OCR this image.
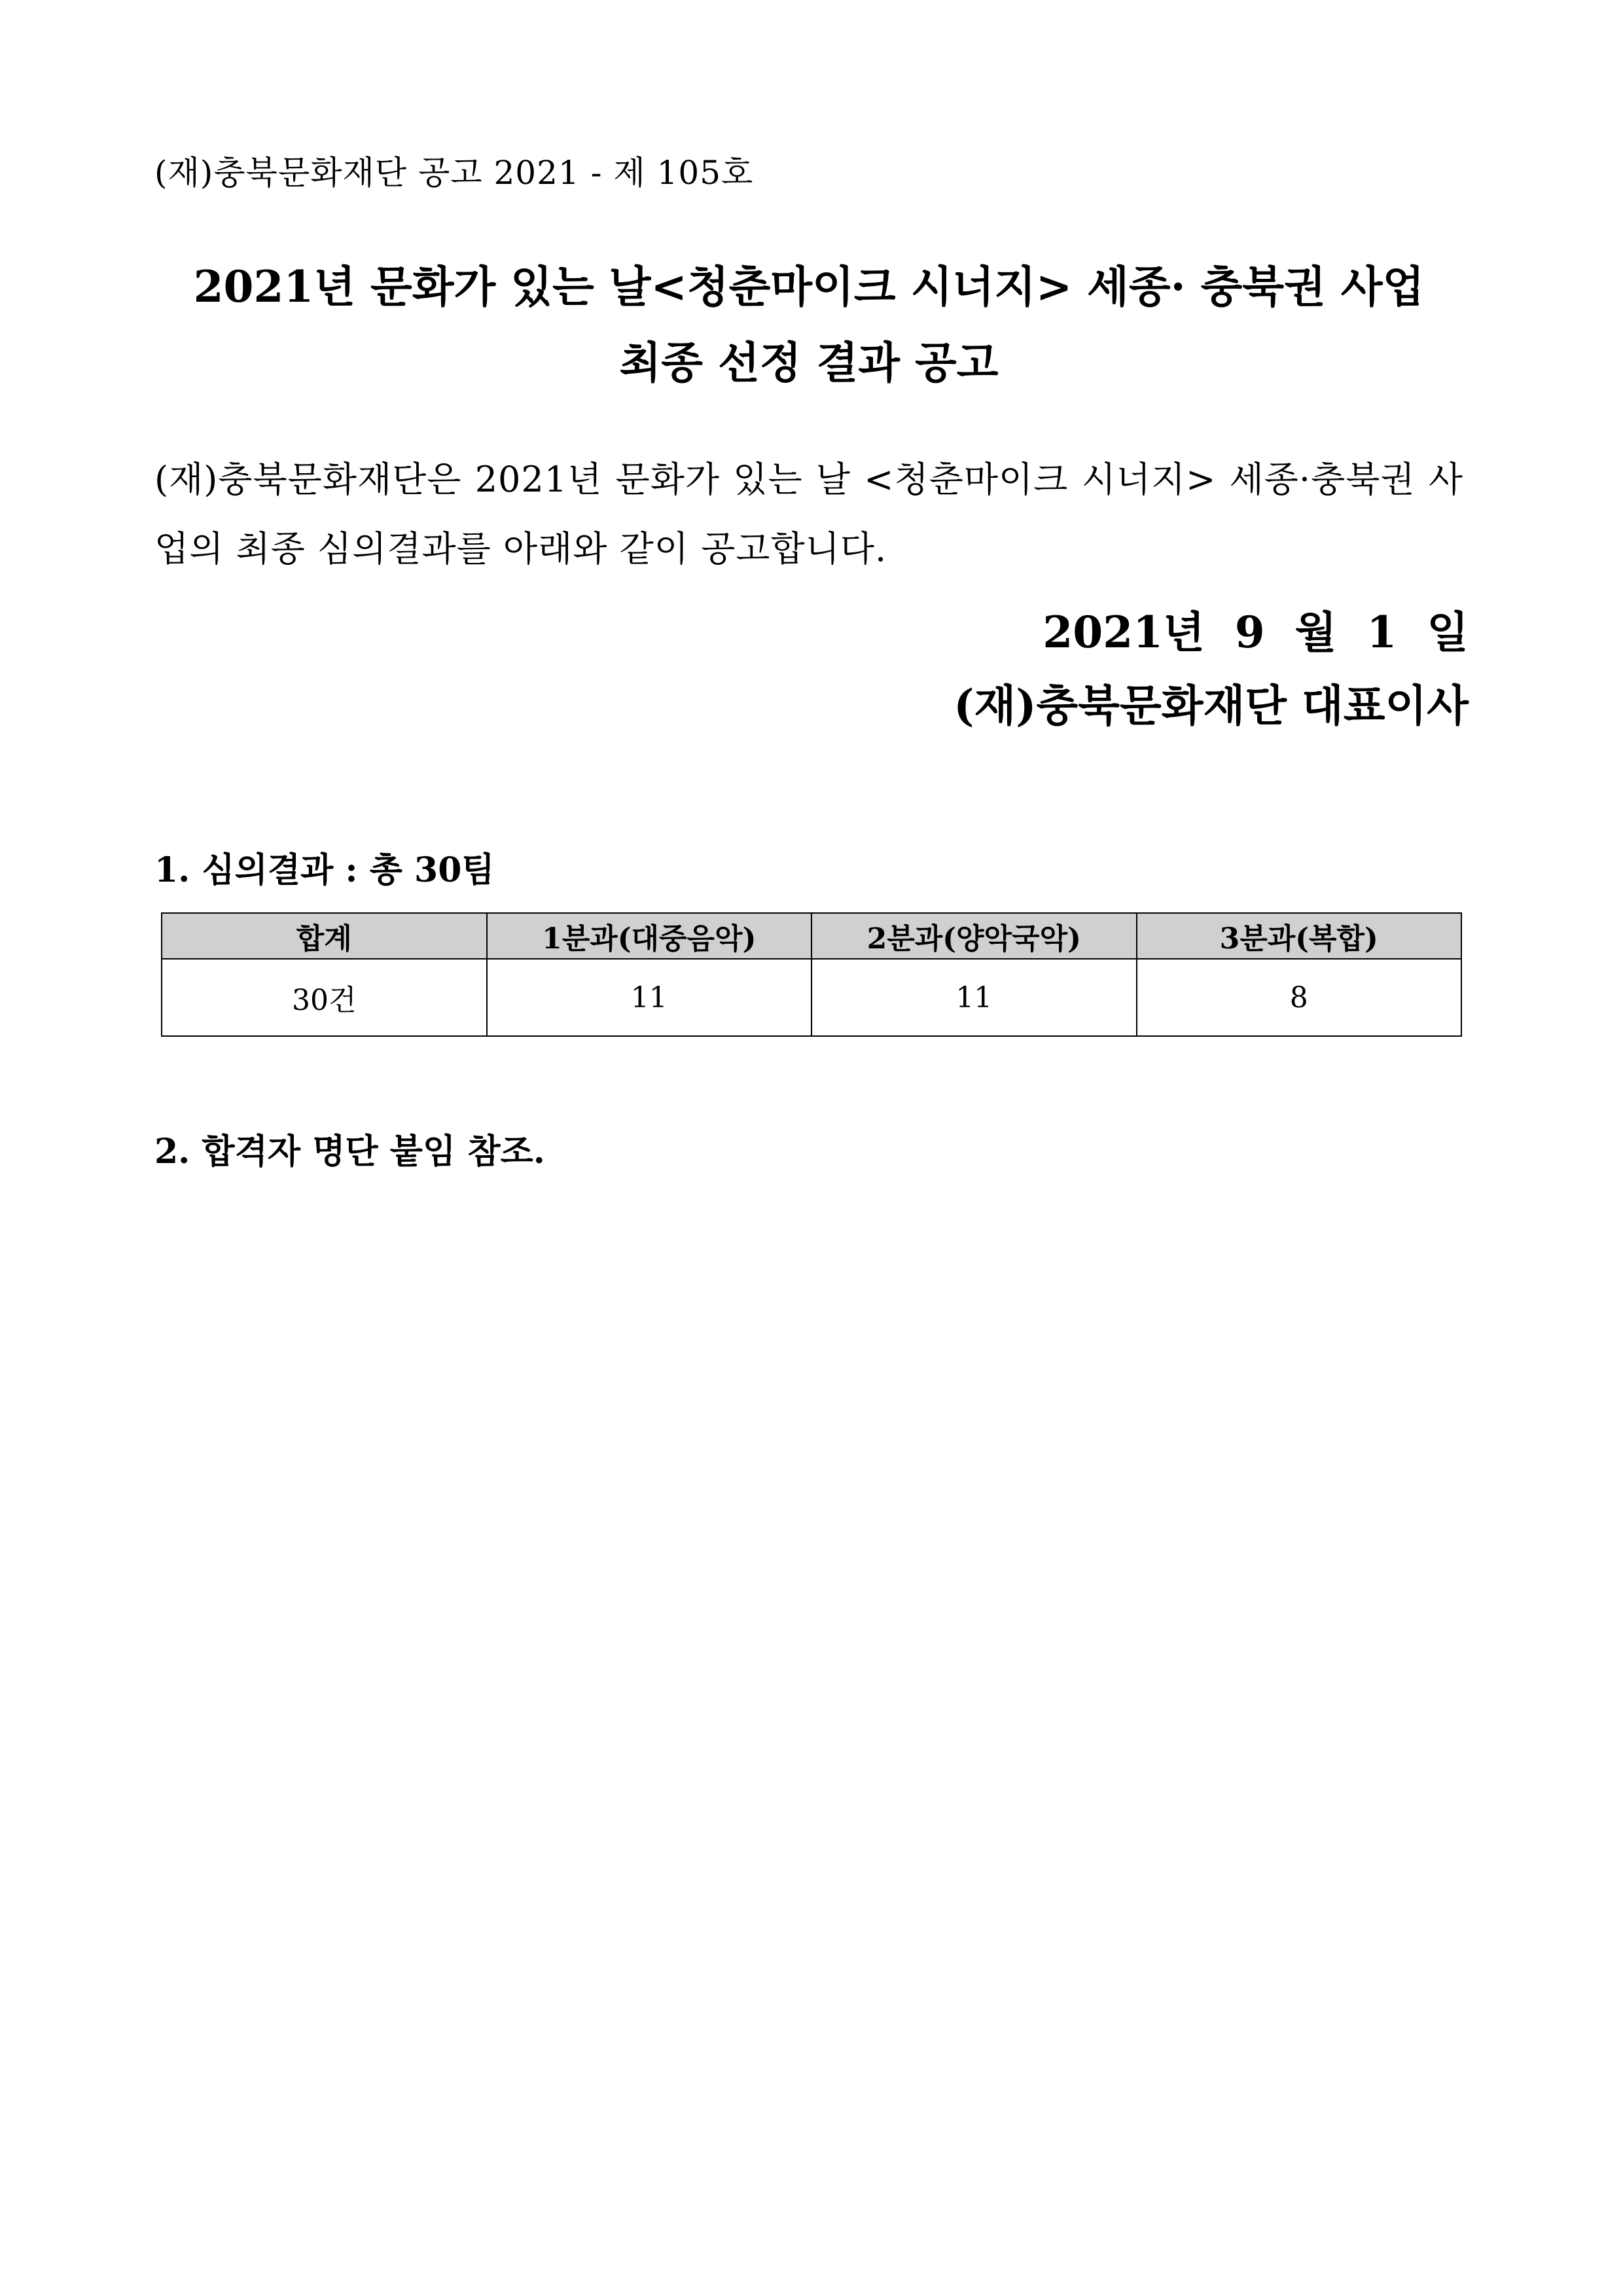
(재)충북문화재단 공고 2021 - 제 105호
2021년 문화가 있는 날<청춘마이크 시너지> 세종· 충북권 사업
최종 선정 결과 공고
(재)충북문화재단은 2021년 문화가 있는 날 <청춘마이크 시너지> 세종·충북권 사업의 최종 심의결과를 아래와 같이 공고합니다.
2021년  9  월  1  일
(재)충북문화재단 대표이사
1. 심의결과 : 총 30팀
합계	1분과(대중음악)	2분과(양악국악)	3분과(복합)
30건	11	11	8
2. 합격자 명단 붙임 참조.
